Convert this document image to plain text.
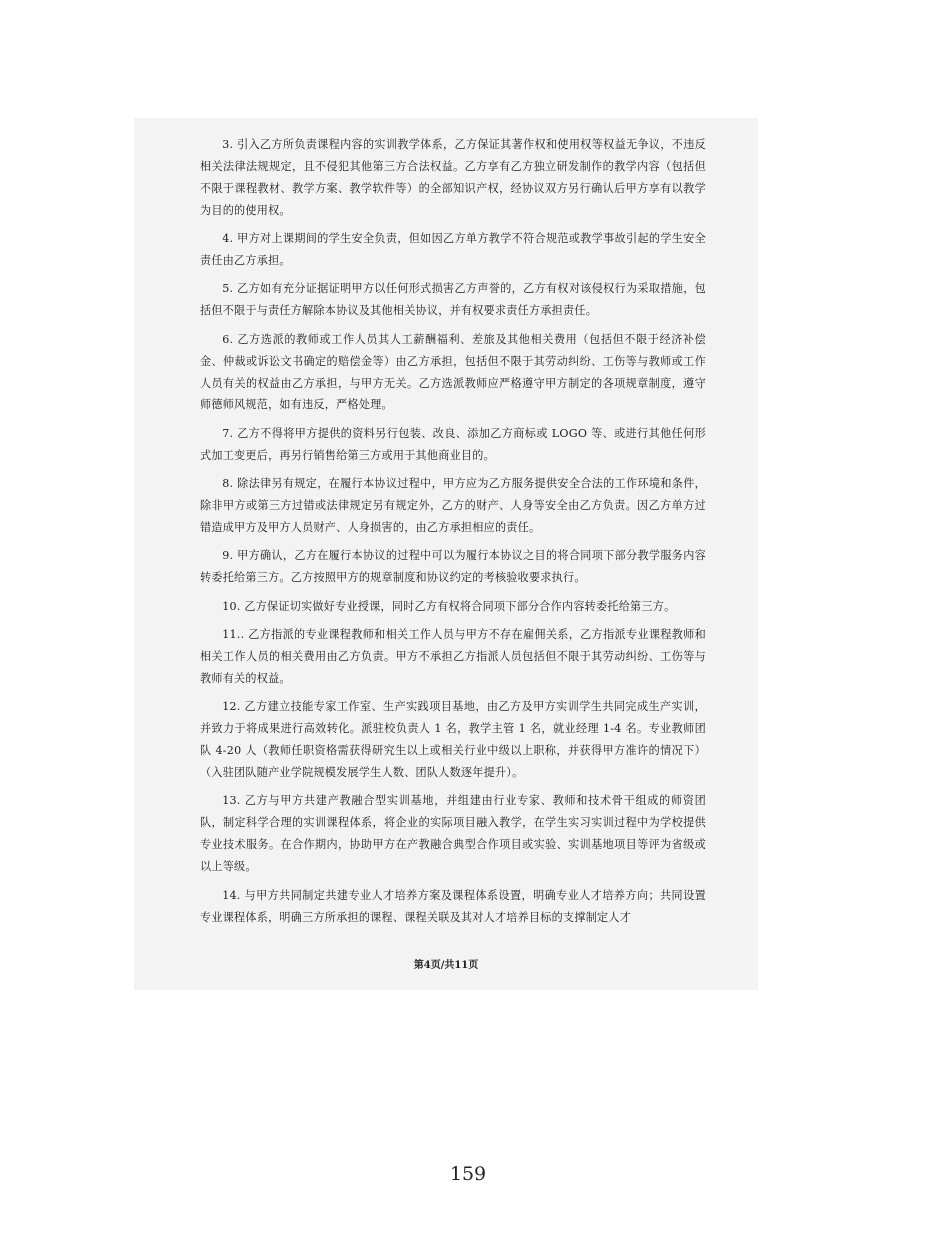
3. 引入乙方所负责课程内容的实训教学体系，乙方保证其著作权和使用权等权益无争议，不违反相关法律法规规定，且不侵犯其他第三方合法权益。乙方享有乙方独立研发制作的教学内容（包括但不限于课程教材、教学方案、教学软件等）的全部知识产权，经协议双方另行确认后甲方享有以教学为目的的使用权。

4. 甲方对上课期间的学生安全负责，但如因乙方单方教学不符合规范或教学事故引起的学生安全责任由乙方承担。

5. 乙方如有充分证据证明甲方以任何形式损害乙方声誉的，乙方有权对该侵权行为采取措施，包括但不限于与责任方解除本协议及其他相关协议，并有权要求责任方承担责任。

6. 乙方选派的教师或工作人员其人工薪酬福利、差旅及其他相关费用（包括但不限于经济补偿金、仲裁或诉讼文书确定的赔偿金等）由乙方承担，包括但不限于其劳动纠纷、工伤等与教师或工作人员有关的权益由乙方承担，与甲方无关。乙方选派教师应严格遵守甲方制定的各项规章制度，遵守师德师风规范，如有违反，严格处理。

7. 乙方不得将甲方提供的资料另行包装、改良、添加乙方商标或 LOGO 等、或进行其他任何形式加工变更后，再另行销售给第三方或用于其他商业目的。

8. 除法律另有规定，在履行本协议过程中，甲方应为乙方服务提供安全合法的工作环境和条件，除非甲方或第三方过错或法律规定另有规定外，乙方的财产、人身等安全由乙方负责。因乙方单方过错造成甲方及甲方人员财产、人身损害的，由乙方承担相应的责任。

9. 甲方确认，乙方在履行本协议的过程中可以为履行本协议之目的将合同项下部分教学服务内容转委托给第三方。乙方按照甲方的规章制度和协议约定的考核验收要求执行。

10. 乙方保证切实做好专业授课，同时乙方有权将合同项下部分合作内容转委托给第三方。

11.. 乙方指派的专业课程教师和相关工作人员与甲方不存在雇佣关系，乙方指派专业课程教师和相关工作人员的相关费用由乙方负责。甲方不承担乙方指派人员包括但不限于其劳动纠纷、工伤等与教师有关的权益。

12. 乙方建立技能专家工作室、生产实践项目基地，由乙方及甲方实训学生共同完成生产实训，并致力于将成果进行高效转化。派驻校负责人 1 名，教学主管 1 名，就业经理 1-4 名。专业教师团队 4-20 人（教师任职资格需获得研究生以上或相关行业中级以上职称，并获得甲方准许的情况下）（入驻团队随产业学院规模发展学生人数、团队人数逐年提升）。

13. 乙方与甲方共建产教融合型实训基地，并组建由行业专家、教师和技术骨干组成的师资团队，制定科学合理的实训课程体系，将企业的实际项目融入教学，在学生实习实训过程中为学校提供专业技术服务。在合作期内，协助甲方在产教融合典型合作项目或实验、实训基地项目等评为省级或以上等级。

14. 与甲方共同制定共建专业人才培养方案及课程体系设置，明确专业人才培养方向；共同设置专业课程体系，明确三方所承担的课程、课程关联及其对人才培养目标的支撑制定人才

第4页/共11页
159
